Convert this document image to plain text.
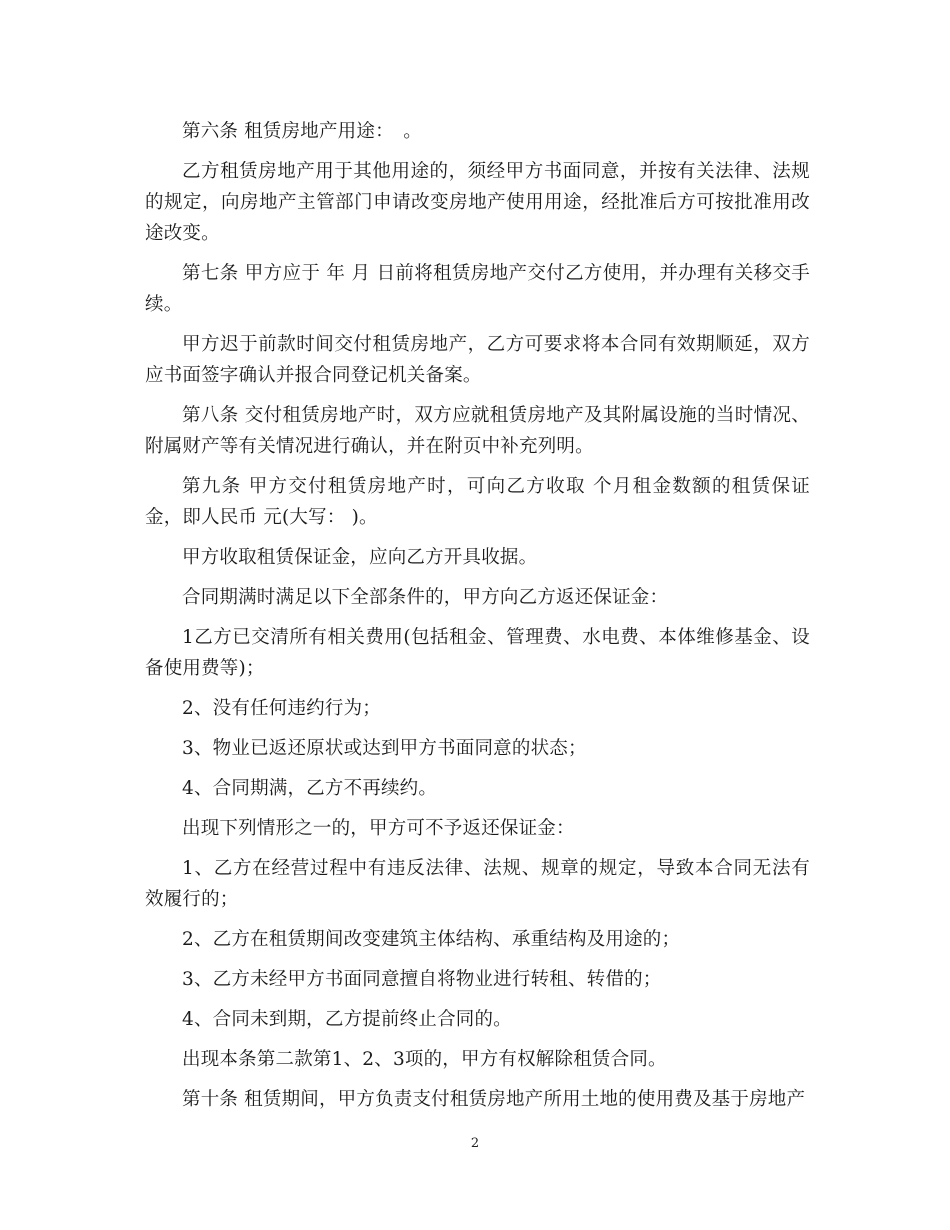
第六条 租赁房地产用途：　。

乙方租赁房地产用于其他用途的，须经甲方书面同意，并按有关法律、法规的规定，向房地产主管部门申请改变房地产使用用途，经批准后方可按批准用改途改变。

第七条 甲方应于 年 月 日前将租赁房地产交付乙方使用，并办理有关移交手续。

甲方迟于前款时间交付租赁房地产，乙方可要求将本合同有效期顺延，双方应书面签字确认并报合同登记机关备案。

第八条 交付租赁房地产时，双方应就租赁房地产及其附属设施的当时情况、附属财产等有关情况进行确认，并在附页中补充列明。

第九条 甲方交付租赁房地产时，可向乙方收取 个月租金数额的租赁保证金，即人民币 元(大写： )。

甲方收取租赁保证金，应向乙方开具收据。

合同期满时满足以下全部条件的，甲方向乙方返还保证金：

1乙方已交清所有相关费用(包括租金、管理费、水电费、本体维修基金、设备使用费等)；

2、没有任何违约行为；

3、物业已返还原状或达到甲方书面同意的状态；

4、合同期满，乙方不再续约。

出现下列情形之一的，甲方可不予返还保证金：

1、乙方在经营过程中有违反法律、法规、规章的规定，导致本合同无法有效履行的；

2、乙方在租赁期间改变建筑主体结构、承重结构及用途的；

3、乙方未经甲方书面同意擅自将物业进行转租、转借的；

4、合同未到期，乙方提前终止合同的。

出现本条第二款第1、2、3项的，甲方有权解除租赁合同。

第十条 租赁期间，甲方负责支付租赁房地产所用土地的使用费及基于房地产

2
